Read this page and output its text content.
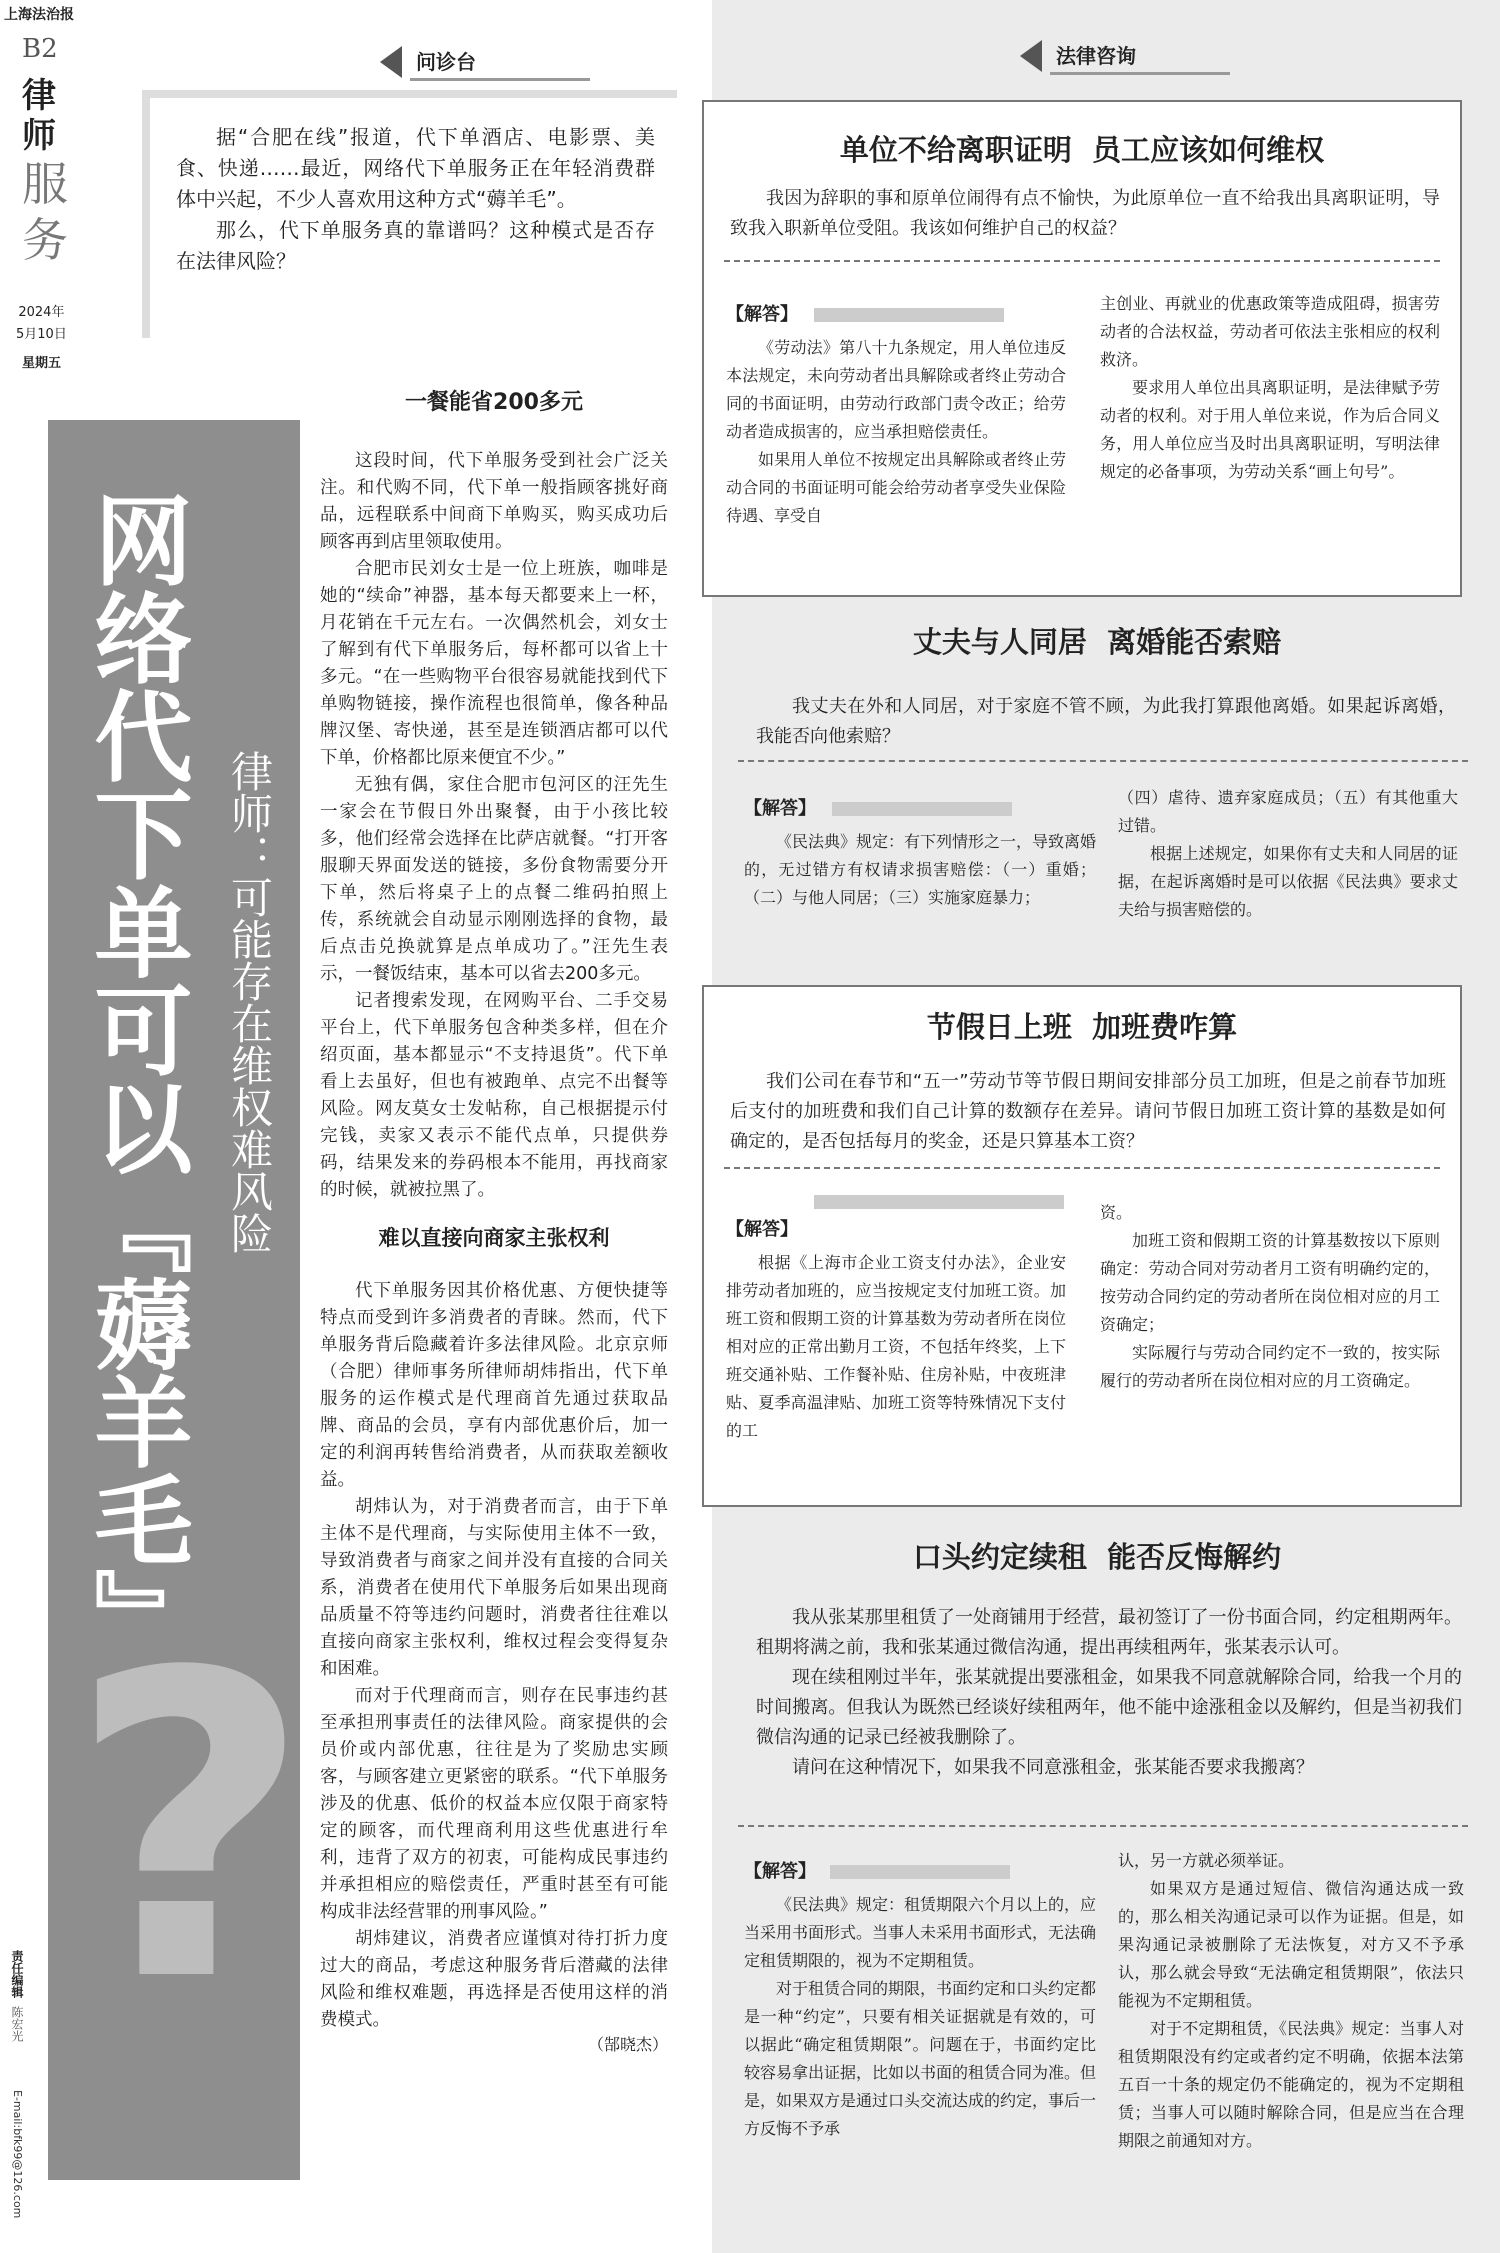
上海法治报
B2
律
师
服
务
2024年
5月10日
星期五
网络代下单可以『薅羊毛』 律师：可能存在维权难风险
?
责任编辑 陈宏光
E-mail:bfk99@126.com
问诊台

据“合肥在线”报道，代下单酒店、电影票、美食、快递……最近，网络代下单服务正在年轻消费群体中兴起，不少人喜欢用这种方式“薅羊毛”。

那么，代下单服务真的靠谱吗？这种模式是否存在法律风险？

一餐能省200多元

这段时间，代下单服务受到社会广泛关注。和代购不同，代下单一般指顾客挑好商品，远程联系中间商下单购买，购买成功后顾客再到店里领取使用。

合肥市民刘女士是一位上班族，咖啡是她的“续命”神器，基本每天都要来上一杯，月花销在千元左右。一次偶然机会，刘女士了解到有代下单服务后，每杯都可以省上十多元。“在一些购物平台很容易就能找到代下单购物链接，操作流程也很简单，像各种品牌汉堡、寄快递，甚至是连锁酒店都可以代下单，价格都比原来便宜不少。”

无独有偶，家住合肥市包河区的汪先生一家会在节假日外出聚餐，由于小孩比较多，他们经常会选择在比萨店就餐。“打开客服聊天界面发送的链接，多份食物需要分开下单，然后将桌子上的点餐二维码拍照上传，系统就会自动显示刚刚选择的食物，最后点击兑换就算是点单成功了。”汪先生表示，一餐饭结束，基本可以省去200多元。

记者搜索发现，在网购平台、二手交易平台上，代下单服务包含种类多样，但在介绍页面，基本都显示“不支持退货”。代下单看上去虽好，但也有被跑单、点完不出餐等风险。网友莫女士发帖称，自己根据提示付完钱，卖家又表示不能代点单，只提供券码，结果发来的券码根本不能用，再找商家的时候，就被拉黑了。

难以直接向商家主张权利

代下单服务因其价格优惠、方便快捷等特点而受到许多消费者的青睐。然而，代下单服务背后隐藏着许多法律风险。北京京师（合肥）律师事务所律师胡炜指出，代下单服务的运作模式是代理商首先通过获取品牌、商品的会员，享有内部优惠价后，加一定的利润再转售给消费者，从而获取差额收益。

胡炜认为，对于消费者而言，由于下单主体不是代理商，与实际使用主体不一致，导致消费者与商家之间并没有直接的合同关系，消费者在使用代下单服务后如果出现商品质量不符等违约问题时，消费者往往难以直接向商家主张权利，维权过程会变得复杂和困难。

而对于代理商而言，则存在民事违约甚至承担刑事责任的法律风险。商家提供的会员价或内部优惠，往往是为了奖励忠实顾客，与顾客建立更紧密的联系。“代下单服务涉及的优惠、低价的权益本应仅限于商家特定的顾客，而代理商利用这些优惠进行牟利，违背了双方的初衷，可能构成民事违约并承担相应的赔偿责任，严重时甚至有可能构成非法经营罪的刑事风险。”

胡炜建议，消费者应谨慎对待打折力度过大的商品，考虑这种服务背后潜藏的法律风险和维权难题，再选择是否使用这样的消费模式。

（郜晓杰）
法律咨询
单位不给离职证明  员工应该如何维权

我因为辞职的事和原单位闹得有点不愉快，为此原单位一直不给我出具离职证明，导致我入职新单位受阻。我该如何维护自己的权益？

【解答】

《劳动法》第八十九条规定，用人单位违反本法规定，未向劳动者出具解除或者终止劳动合同的书面证明，由劳动行政部门责令改正；给劳动者造成损害的，应当承担赔偿责任。

如果用人单位不按规定出具解除或者终止劳动合同的书面证明可能会给劳动者享受失业保险待遇、享受自

主创业、再就业的优惠政策等造成阻碍，损害劳动者的合法权益，劳动者可依法主张相应的权利救济。

要求用人单位出具离职证明，是法律赋予劳动者的权利。对于用人单位来说，作为后合同义务，用人单位应当及时出具离职证明，写明法律规定的必备事项，为劳动关系“画上句号”。

丈夫与人同居  离婚能否索赔

我丈夫在外和人同居，对于家庭不管不顾，为此我打算跟他离婚。如果起诉离婚，我能否向他索赔？

【解答】

《民法典》规定：有下列情形之一，导致离婚的，无过错方有权请求损害赔偿：（一）重婚；（二）与他人同居；（三）实施家庭暴力；

（四）虐待、遗弃家庭成员；（五）有其他重大过错。

根据上述规定，如果你有丈夫和人同居的证据，在起诉离婚时是可以依据《民法典》要求丈夫给与损害赔偿的。

节假日上班  加班费咋算

我们公司在春节和“五一”劳动节等节假日期间安排部分员工加班，但是之前春节加班后支付的加班费和我们自己计算的数额存在差异。请问节假日加班工资计算的基数是如何确定的，是否包括每月的奖金，还是只算基本工资？

【解答】

根据《上海市企业工资支付办法》，企业安排劳动者加班的，应当按规定支付加班工资。加班工资和假期工资的计算基数为劳动者所在岗位相对应的正常出勤月工资，不包括年终奖，上下班交通补贴、工作餐补贴、住房补贴，中夜班津贴、夏季高温津贴、加班工资等特殊情况下支付的工

资。

加班工资和假期工资的计算基数按以下原则确定：劳动合同对劳动者月工资有明确约定的，按劳动合同约定的劳动者所在岗位相对应的月工资确定；

实际履行与劳动合同约定不一致的，按实际履行的劳动者所在岗位相对应的月工资确定。

口头约定续租  能否反悔解约

我从张某那里租赁了一处商铺用于经营，最初签订了一份书面合同，约定租期两年。租期将满之前，我和张某通过微信沟通，提出再续租两年，张某表示认可。

现在续租刚过半年，张某就提出要涨租金，如果我不同意就解除合同，给我一个月的时间搬离。但我认为既然已经谈好续租两年，他不能中途涨租金以及解约，但是当初我们微信沟通的记录已经被我删除了。

请问在这种情况下，如果我不同意涨租金，张某能否要求我搬离？

【解答】

《民法典》规定：租赁期限六个月以上的，应当采用书面形式。当事人未采用书面形式，无法确定租赁期限的，视为不定期租赁。

对于租赁合同的期限，书面约定和口头约定都是一种“约定”，只要有相关证据就是有效的，可以据此“确定租赁期限”。问题在于，书面约定比较容易拿出证据，比如以书面的租赁合同为准。但是，如果双方是通过口头交流达成的约定，事后一方反悔不予承

认，另一方就必须举证。

如果双方是通过短信、微信沟通达成一致的，那么相关沟通记录可以作为证据。但是，如果沟通记录被删除了无法恢复，对方又不予承认，那么就会导致“无法确定租赁期限”，依法只能视为不定期租赁。

对于不定期租赁，《民法典》规定：当事人对租赁期限没有约定或者约定不明确，依据本法第五百一十条的规定仍不能确定的，视为不定期租赁；当事人可以随时解除合同，但是应当在合理期限之前通知对方。
